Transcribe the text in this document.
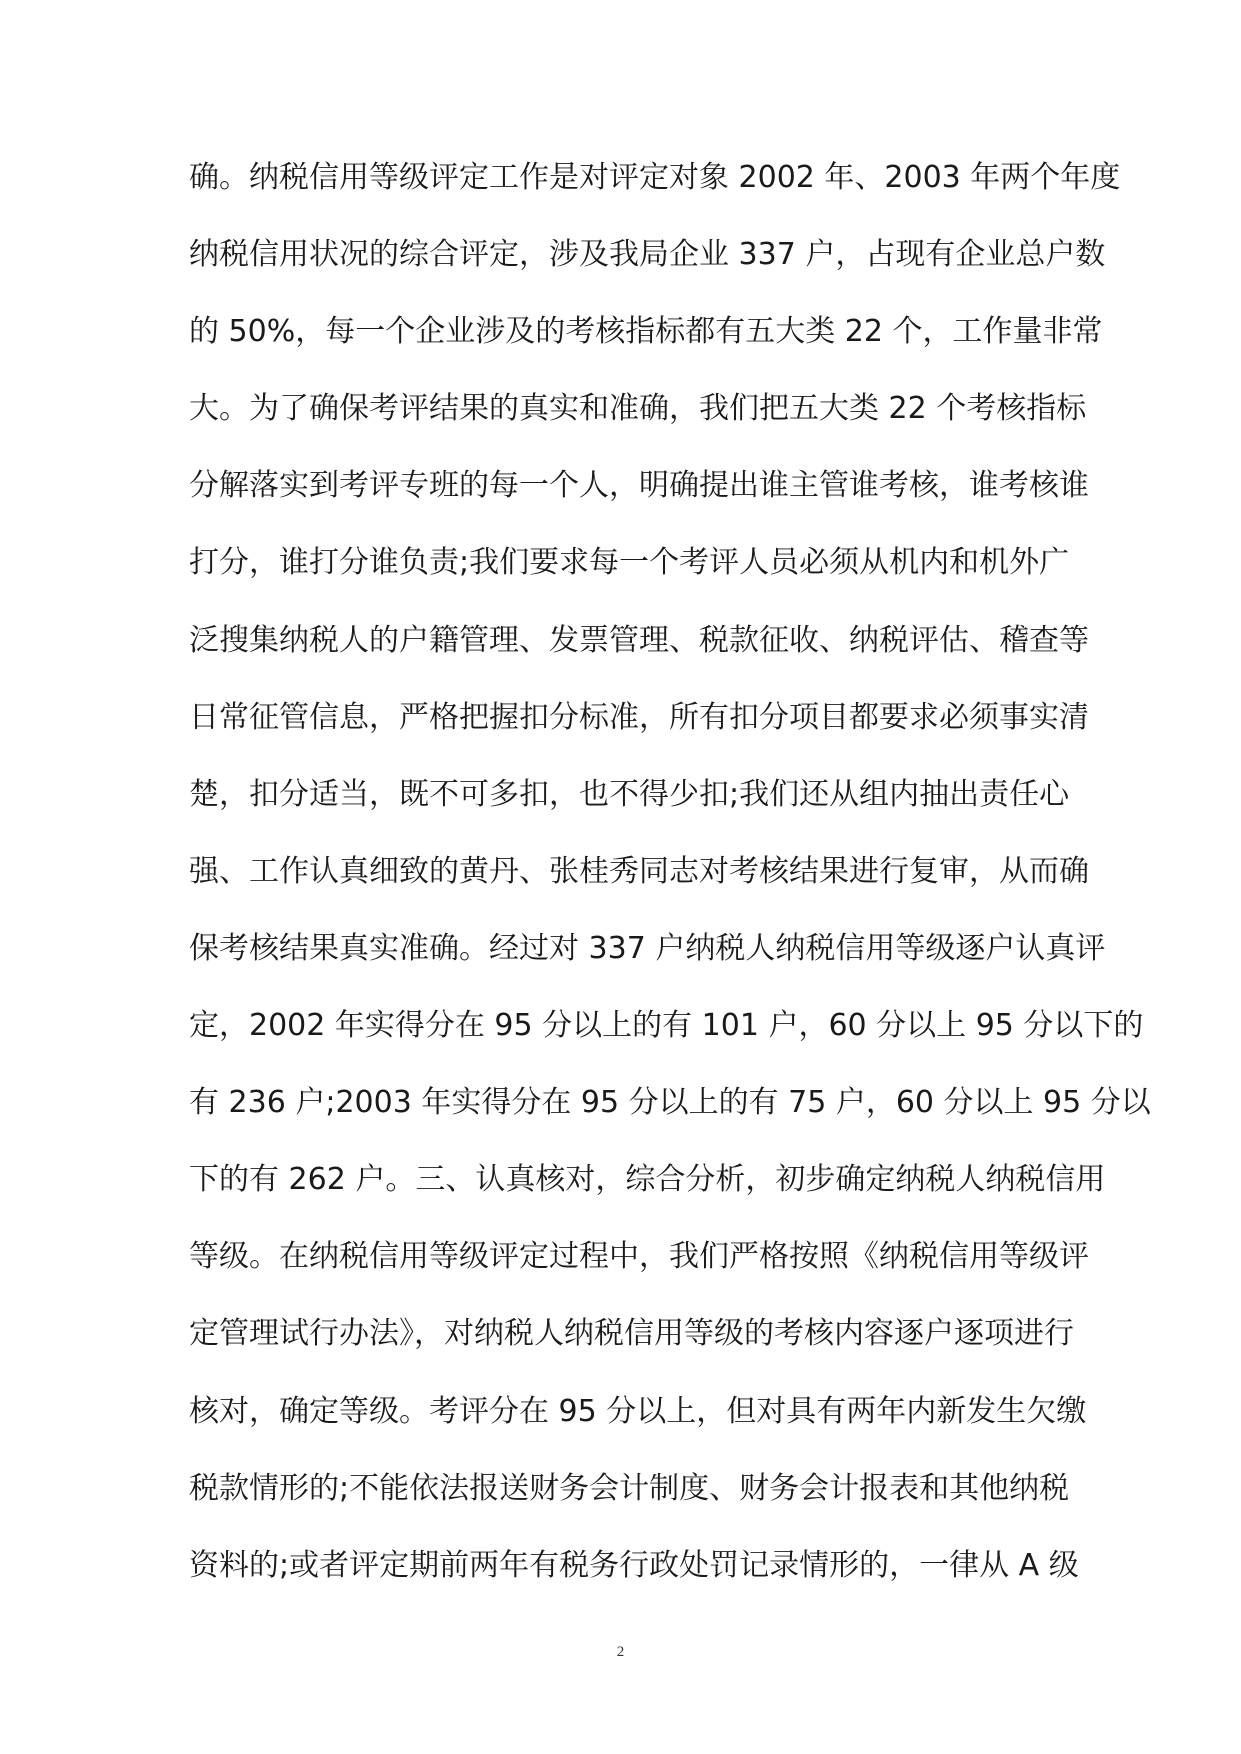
确。纳税信用等级评定工作是对评定对象 2002 年、2003 年两个年度
纳税信用状况的综合评定，涉及我局企业 337 户，占现有企业总户数
的 50%，每一个企业涉及的考核指标都有五大类 22 个，工作量非常
大。为了确保考评结果的真实和准确，我们把五大类 22 个考核指标
分解落实到考评专班的每一个人，明确提出谁主管谁考核，谁考核谁
打分，谁打分谁负责;我们要求每一个考评人员必须从机内和机外广
泛搜集纳税人的户籍管理、发票管理、税款征收、纳税评估、稽查等
日常征管信息，严格把握扣分标准，所有扣分项目都要求必须事实清
楚，扣分适当，既不可多扣，也不得少扣;我们还从组内抽出责任心
强、工作认真细致的黄丹、张桂秀同志对考核结果进行复审，从而确
保考核结果真实准确。经过对 337 户纳税人纳税信用等级逐户认真评
定，2002 年实得分在 95 分以上的有 101 户，60 分以上 95 分以下的
有 236 户;2003 年实得分在 95 分以上的有 75 户，60 分以上 95 分以
下的有 262 户。三、认真核对，综合分析，初步确定纳税人纳税信用
等级。在纳税信用等级评定过程中，我们严格按照《纳税信用等级评
定管理试行办法》，对纳税人纳税信用等级的考核内容逐户逐项进行
核对，确定等级。考评分在 95 分以上，但对具有两年内新发生欠缴
税款情形的;不能依法报送财务会计制度、财务会计报表和其他纳税
资料的;或者评定期前两年有税务行政处罚记录情形的，一律从 A 级
2
